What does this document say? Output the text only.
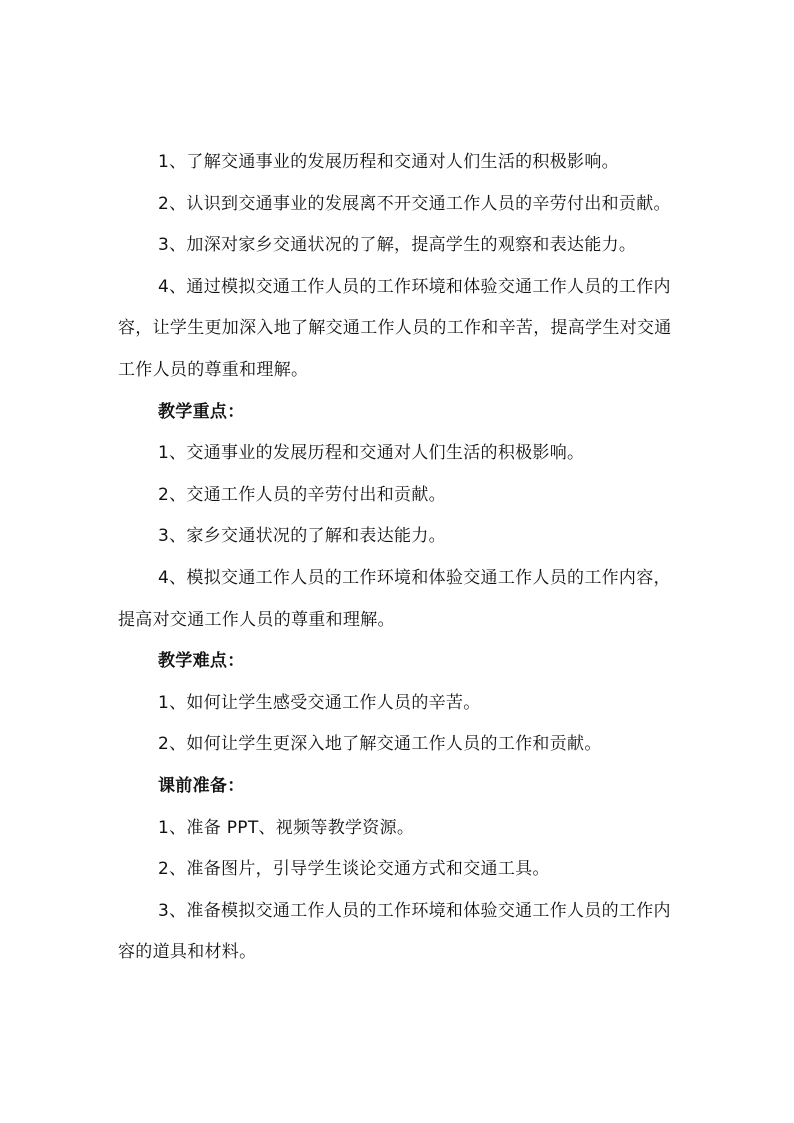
1、了解交通事业的发展历程和交通对人们生活的积极影响。

2、认识到交通事业的发展离不开交通工作人员的辛劳付出和贡献。

3、加深对家乡交通状况的了解，提高学生的观察和表达能力。

4、通过模拟交通工作人员的工作环境和体验交通工作人员的工作内容，让学生更加深入地了解交通工作人员的工作和辛苦，提高学生对交通工作人员的尊重和理解。

教学重点：

1、交通事业的发展历程和交通对人们生活的积极影响。

2、交通工作人员的辛劳付出和贡献。

3、家乡交通状况的了解和表达能力。

4、模拟交通工作人员的工作环境和体验交通工作人员的工作内容，提高对交通工作人员的尊重和理解。

教学难点：

1、如何让学生感受交通工作人员的辛苦。

2、如何让学生更深入地了解交通工作人员的工作和贡献。

课前准备：

1、准备 PPT、视频等教学资源。

2、准备图片，引导学生谈论交通方式和交通工具。

3、准备模拟交通工作人员的工作环境和体验交通工作人员的工作内容的道具和材料。
